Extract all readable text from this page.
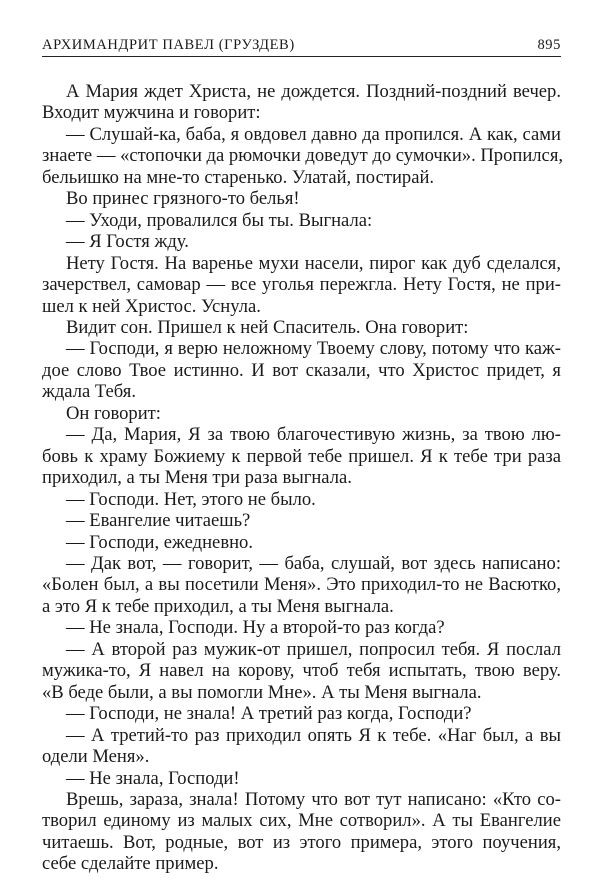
АРХИМАНДРИТ ПАВЕЛ (ГРУЗДЕВ)	895
А Мария ждет Христа, не дождется. Поздний-поздний вечер.
Входит мужчина и говорит:
— Слушай-ка, баба, я овдовел давно да пропился. А как, сами
знаете — «стопочки да рюмочки доведут до сумочки». Пропился,
бельишко на мне-то старенько. Улатай, постирай.
Во принес грязного-то белья!
— Уходи, провалился бы ты. Выгнала:
— Я Гостя жду.
Нету Гостя. На варенье мухи насели, пирог как дуб сделался,
зачерствел, самовар — все уголья пережгла. Нету Гостя, не при-
шел к ней Христос. Уснула.
Видит сон. Пришел к ней Спаситель. Она говорит:
— Господи, я верю неложному Твоему слову, потому что каж-
дое слово Твое истинно. И вот сказали, что Христос придет, я
ждала Тебя.
Он говорит:
— Да, Мария, Я за твою благочестивую жизнь, за твою лю-
бовь к храму Божиему к первой тебе пришел. Я к тебе три раза
приходил, а ты Меня три раза выгнала.
— Господи. Нет, этого не было.
— Евангелие читаешь?
— Господи, ежедневно.
— Дак вот, — говорит, — баба, слушай, вот здесь написано:
«Болен был, а вы посетили Меня». Это приходил-то не Васютко,
а это Я к тебе приходил, а ты Меня выгнала.
— Не знала, Господи. Ну а второй-то раз когда?
— А второй раз мужик-от пришел, попросил тебя. Я послал
мужика-то, Я навел на корову, чтоб тебя испытать, твою веру.
«В беде были, а вы помогли Мне». А ты Меня выгнала.
— Господи, не знала! А третий раз когда, Господи?
— А третий-то раз приходил опять Я к тебе. «Наг был, а вы
одели Меня».
— Не знала, Господи!
Врешь, зараза, знала! Потому что вот тут написано: «Кто со-
творил единому из малых сих, Мне сотворил». А ты Евангелие
читаешь. Вот, родные, вот из этого примера, этого поучения,
себе сделайте пример.
